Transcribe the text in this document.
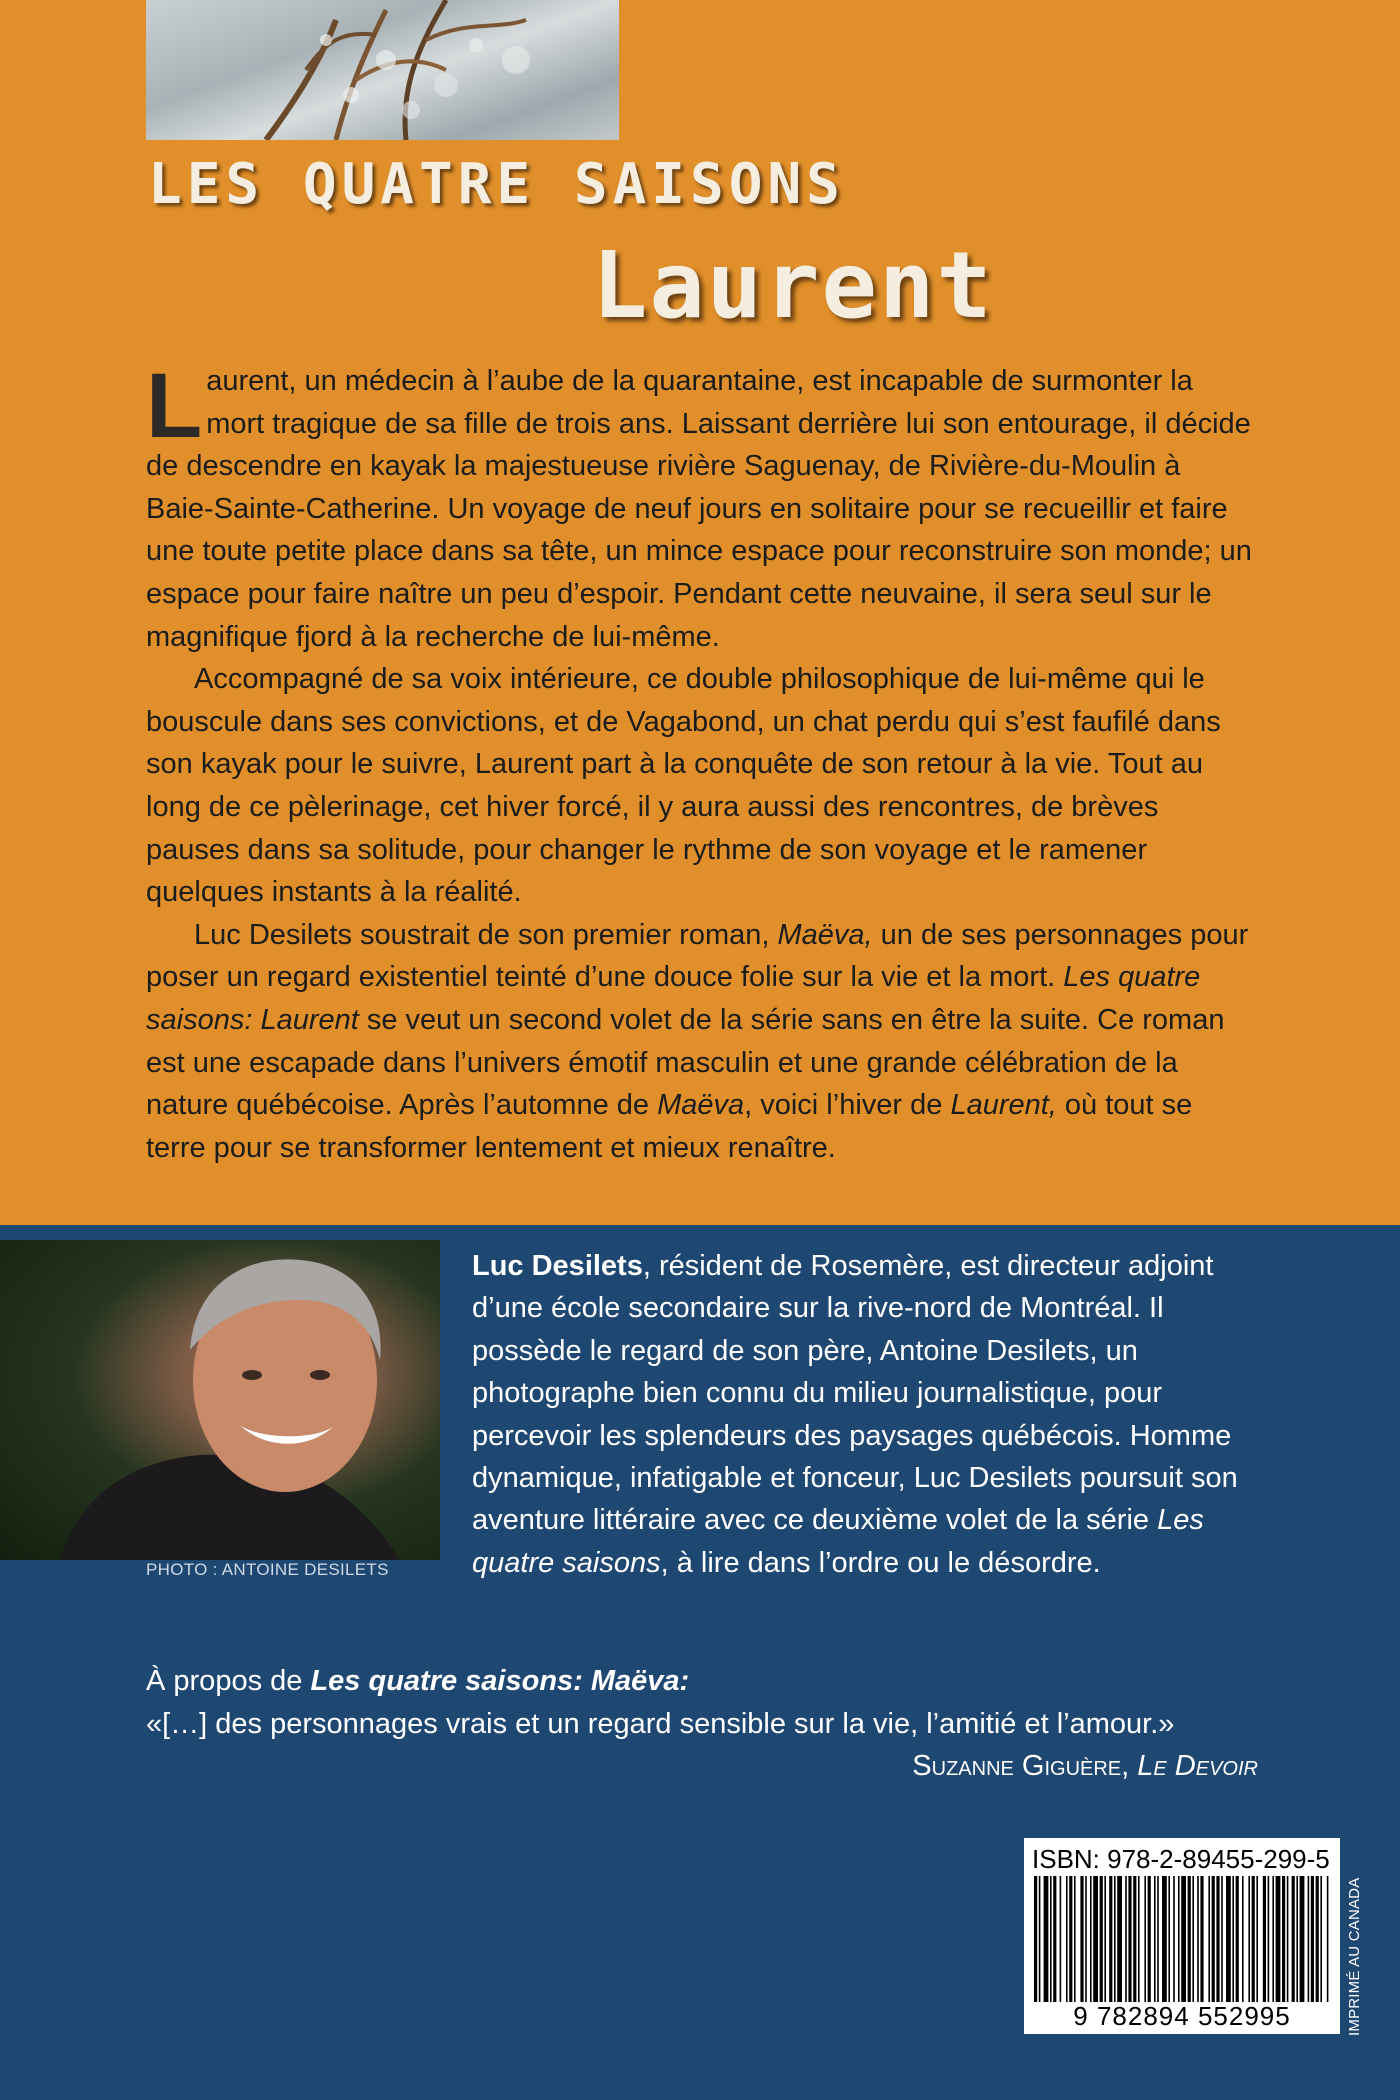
LES QUATRE SAISONS
Laurent

Laurent, un médecin à l’aube de la quarantaine, est incapable de surmonter la mort tragique de sa fille de trois ans. Laissant derrière lui son entourage, il décide de descendre en kayak la majestueuse rivière Saguenay, de Rivière-du-Moulin à Baie-Sainte-Catherine. Un voyage de neuf jours en solitaire pour se recueillir et faire une toute petite place dans sa tête, un mince espace pour reconstruire son monde; un espace pour faire naître un peu d’espoir. Pendant cette neuvaine, il sera seul sur le magnifique fjord à la recherche de lui-même.

Accompagné de sa voix intérieure, ce double philosophique de lui-même qui le bouscule dans ses convictions, et de Vagabond, un chat perdu qui s’est faufilé dans son kayak pour le suivre, Laurent part à la conquête de son retour à la vie. Tout au long de ce pèlerinage, cet hiver forcé, il y aura aussi des rencontres, de brèves pauses dans sa solitude, pour changer le rythme de son voyage et le ramener quelques instants à la réalité.

Luc Desilets soustrait de son premier roman, Maëva, un de ses personnages pour poser un regard existentiel teinté d’une douce folie sur la vie et la mort. Les quatre saisons: Laurent se veut un second volet de la série sans en être la suite. Ce roman est une escapade dans l’univers émotif masculin et une grande célébration de la nature québécoise. Après l’automne de Maëva, voici l’hiver de Laurent, où tout se terre pour se transformer lentement et mieux renaître.

PHOTO : ANTOINE DESILETS
Luc Desilets, résident de Rosemère, est directeur adjoint d’une école secondaire sur la rive-nord de Montréal. Il possède le regard de son père, Antoine Desilets, un photographe bien connu du milieu journalistique, pour percevoir les splendeurs des paysages québécois. Homme dynamique, infatigable et fonceur, Luc Desilets poursuit son aventure littéraire avec ce deuxième volet de la série Les quatre saisons, à lire dans l’ordre ou le désordre.
À propos de Les quatre saisons: Maëva:
«[…] des personnages vrais et un regard sensible sur la vie, l’amitié et l’amour.»
Suzanne Giguère, Le Devoir
ISBN: 978-2-89455-299-5
9 782894 552995	IMPRIMÉ AU CANADA
